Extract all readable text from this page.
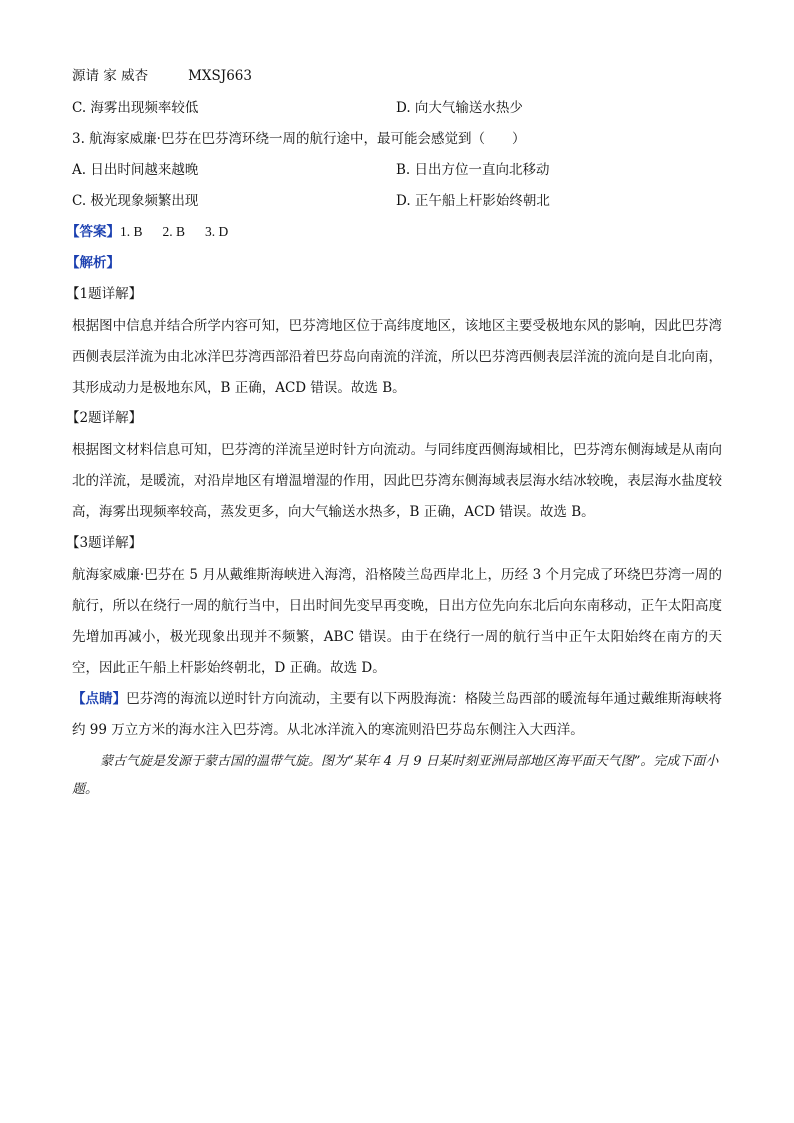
源请 家 威杏	MXSJ663
C. 海雾出现频率较低	D. 向大气输送水热少
3. 航海家威廉·巴芬在巴芬湾环绕一周的航行途中，最可能会感觉到（　　）
A. 日出时间越来越晚	B. 日出方位一直向北移动
C. 极光现象频繁出现	D. 正午船上杆影始终朝北
【答案】1. B 2. B 3. D
【解析】
【1题详解】
根据图中信息并结合所学内容可知，巴芬湾地区位于高纬度地区，该地区主要受极地东风的影响，因此巴芬湾西侧表层洋流为由北冰洋巴芬湾西部沿着巴芬岛向南流的洋流，所以巴芬湾西侧表层洋流的流向是自北向南，其形成动力是极地东风，B 正确，ACD 错误。故选 B。
【2题详解】
根据图文材料信息可知，巴芬湾的洋流呈逆时针方向流动。与同纬度西侧海域相比，巴芬湾东侧海域是从南向北的洋流，是暖流，对沿岸地区有增温增湿的作用，因此巴芬湾东侧海域表层海水结冰较晚，表层海水盐度较高，海雾出现频率较高，蒸发更多，向大气输送水热多，B 正确，ACD 错误。故选 B。
【3题详解】
航海家威廉·巴芬在 5 月从戴维斯海峡进入海湾，沿格陵兰岛西岸北上，历经 3 个月完成了环绕巴芬湾一周的航行，所以在绕行一周的航行当中，日出时间先变早再变晚，日出方位先向东北后向东南移动，正午太阳高度先增加再减小，极光现象出现并不频繁，ABC 错误。由于在绕行一周的航行当中正午太阳始终在南方的天空，因此正午船上杆影始终朝北，D 正确。故选 D。
【点睛】巴芬湾的海流以逆时针方向流动，主要有以下两股海流：格陵兰岛西部的暖流每年通过戴维斯海峡将约 99 万立方米的海水注入巴芬湾。从北冰洋流入的寒流则沿巴芬岛东侧注入大西洋。
蒙古气旋是发源于蒙古国的温带气旋。图为“某年 4 月 9 日某时刻亚洲局部地区海平面天气图”。完成下面小题。
